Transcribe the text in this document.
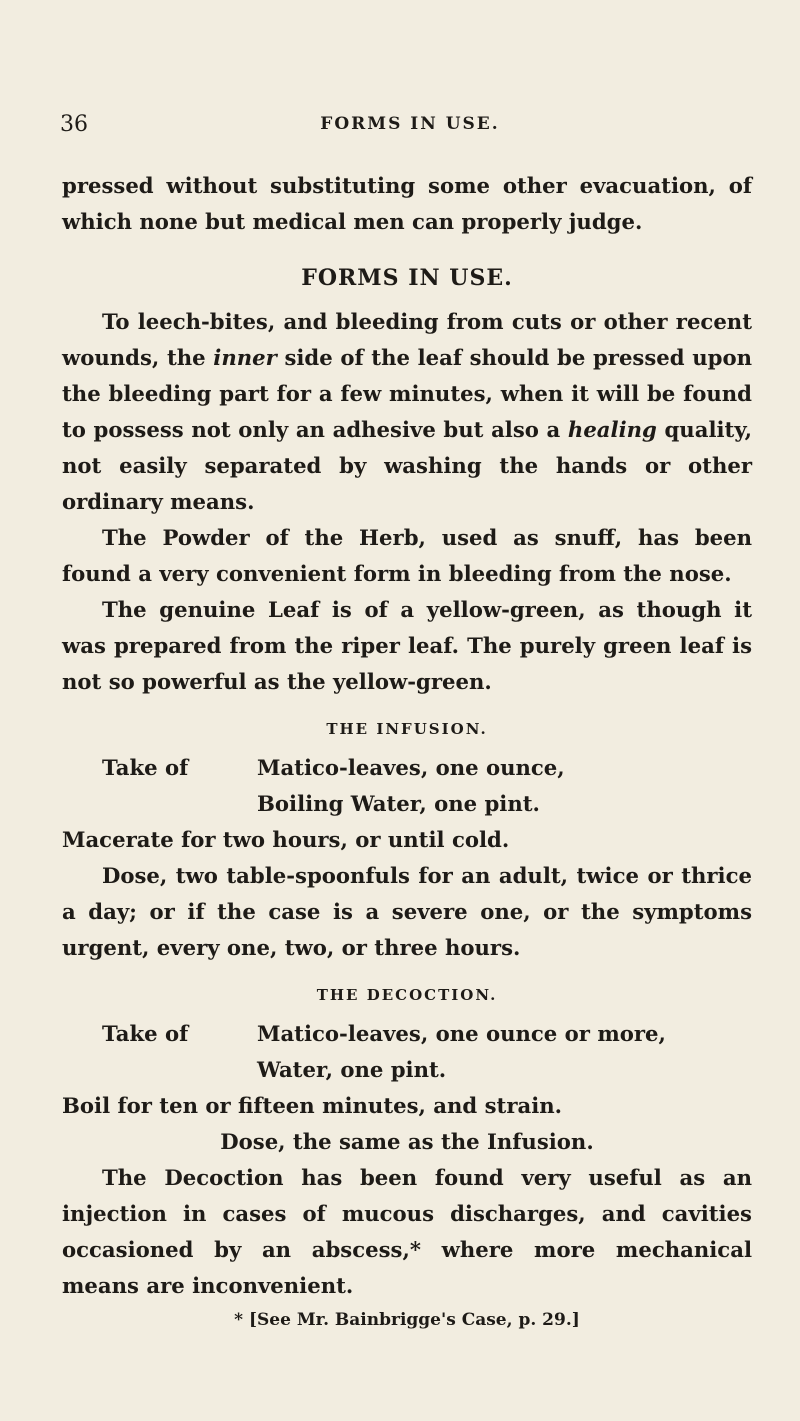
36	FORMS IN USE.

pressed without substituting some other evacuation, of which none but medical men can properly judge.

FORMS IN USE.

To leech-bites, and bleeding from cuts or other recent wounds, the inner side of the leaf should be pressed upon the bleeding part for a few minutes, when it will be found to possess not only an adhesive but also a healing quality, not easily separated by washing the hands or other ordinary means.

The Powder of the Herb, used as snuff, has been found a very convenient form in bleeding from the nose.

The genuine Leaf is of a yellow-green, as though it was prepared from the riper leaf. The purely green leaf is not so powerful as the yellow-green.

THE INFUSION.
Take of	Matico-leaves, one ounce,
Boiling Water, one pint.

Macerate for two hours, or until cold.

Dose, two table-spoonfuls for an adult, twice or thrice a day; or if the case is a severe one, or the symptoms urgent, every one, two, or three hours.

THE DECOCTION.
Take of	Matico-leaves, one ounce or more,
Water, one pint.

Boil for ten or fifteen minutes, and strain.

Dose, the same as the Infusion.

The Decoction has been found very useful as an injection in cases of mucous discharges, and cavities occasioned by an abscess,* where more mechanical means are inconvenient.

* [See Mr. Bainbrigge's Case, p. 29.]
